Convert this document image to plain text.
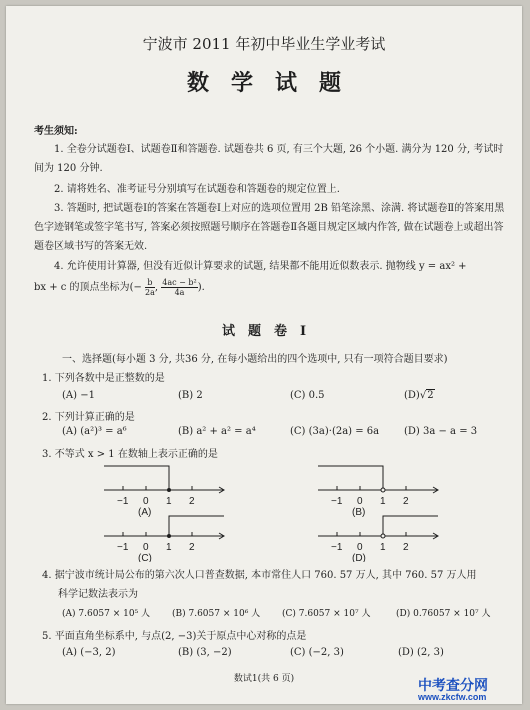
宁波市 2011 年初中毕业生学业考试
数　学　试　题
考生须知:
1. 全卷分试题卷Ⅰ、试题卷Ⅱ和答题卷. 试题卷共 6 页, 有三个大题, 26 个小题. 满分为 120 分, 考试时间为 120 分钟.
2. 请将姓名、准考证号分别填写在试题卷和答题卷的规定位置上.
3. 答题时, 把试题卷Ⅰ的答案在答题卷Ⅰ上对应的选项位置用 2B 铅笔涂黑、涂满. 将试题卷Ⅱ的答案用黑色字迹钢笔或签字笔书写, 答案必须按照题号顺序在答题卷Ⅱ各题目规定区域内作答, 做在试题卷上或超出答题卷区域书写的答案无效.
4. 允许使用计算器, 但没有近似计算要求的试题, 结果都不能用近似数表示. 抛物线 y = ax² +
bx + c 的顶点坐标为(− $\frac{b}{2a}$ , $\frac{\text{4ac − b²}}{4a}$ ).
试　题　卷　Ⅰ
一、选择题(每小题 3 分, 共36 分, 在每小题给出的四个选项中, 只有一项符合题目要求)
1. 下列各数中是正整数的是
(A) −1	(B) 2	(C) 0.5	(D)√2
2. 下列计算正确的是
(A) (a²)³ = a⁶	(B) a² + a² = a⁴	(C) (3a)·(2a) = 6a (D) 3a − a = 3
3. 不等式 x > 1 在数轴上表示正确的是
−1 0 1 2
(A)
−1 0 1 2
(B)
−1 0 1 2
(C)
−1 0 1 2
(D)
4. 据宁波市统计局公布的第六次人口普查数据, 本市常住人口 760. 57 万人, 其中 760. 57 万人用
科学记数法表示为
(A) 7.6057 × 10⁵ 人 (B) 7.6057 × 10⁶ 人 (C) 7.6057 × 10⁷ 人	(D) 0.76057 × 10⁷ 人
5. 平面直角坐标系中, 与点(2, −3)关于原点中心对称的点是
(A) (−3, 2)	(B) (3, −2)	(C) (−2, 3)	(D) (2, 3)
数试1(共 6 页)	中考查分网
www.zkcfw.com
